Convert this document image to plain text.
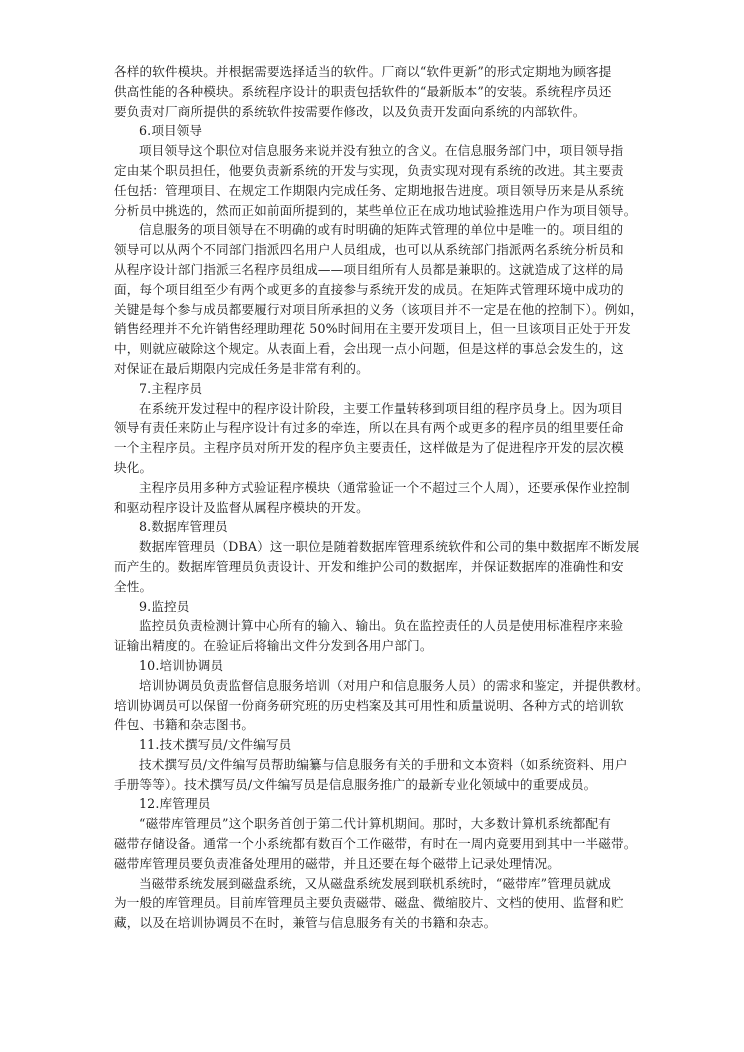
各样的软件模块。并根据需要选择适当的软件。厂商以“软件更新”的形式定期地为顾客提
供高性能的各种模块。系统程序设计的职责包括软件的“最新版本”的安装。系统程序员还
要负责对厂商所提供的系统软件按需要作修改，以及负责开发面向系统的内部软件。
6.项目领导
项目领导这个职位对信息服务来说并没有独立的含义。在信息服务部门中，项目领导指
定由某个职员担任，他要负责新系统的开发与实现，负责实现对现有系统的改进。其主要责
任包括：管理项目、在规定工作期限内完成任务、定期地报告进度。项目领导历来是从系统
分析员中挑选的，然而正如前面所提到的，某些单位正在成功地试验推选用户作为项目领导。
信息服务的项目领导在不明确的或有时明确的矩阵式管理的单位中是唯一的。项目组的
领导可以从两个不同部门指派四名用户人员组成，也可以从系统部门指派两名系统分析员和
从程序设计部门指派三名程序员组成——项目组所有人员都是兼职的。这就造成了这样的局
面，每个项目组至少有两个或更多的直接参与系统开发的成员。在矩阵式管理环境中成功的
关键是每个参与成员都要履行对项目所承担的义务（该项目并不一定是在他的控制下）。例如，
销售经理并不允许销售经理助理花 50%时间用在主要开发项目上，但一旦该项目正处于开发
中，则就应破除这个规定。从表面上看，会出现一点小问题，但是这样的事总会发生的，这
对保证在最后期限内完成任务是非常有利的。
7.主程序员
在系统开发过程中的程序设计阶段，主要工作量转移到项目组的程序员身上。因为项目
领导有责任来防止与程序设计有过多的牵连，所以在具有两个或更多的程序员的组里要任命
一个主程序员。主程序员对所开发的程序负主要责任，这样做是为了促进程序开发的层次模
块化。
主程序员用多种方式验证程序模块（通常验证一个不超过三个人周），还要承保作业控制
和驱动程序设计及监督从属程序模块的开发。
8.数据库管理员
数据库管理员（DBA）这一职位是随着数据库管理系统软件和公司的集中数据库不断发展
而产生的。数据库管理员负责设计、开发和维护公司的数据库，并保证数据库的准确性和安
全性。
9.监控员
监控员负责检测计算中心所有的输入、输出。负在监控责任的人员是使用标准程序来验
证输出精度的。在验证后将输出文件分发到各用户部门。
10.培训协调员
培训协调员负责监督信息服务培训（对用户和信息服务人员）的需求和鉴定，并提供教材。
培训协调员可以保留一份商务研究班的历史档案及其可用性和质量说明、各种方式的培训软
件包、书籍和杂志图书。
11.技术撰写员/文件编写员
技术撰写员/文件编写员帮助编纂与信息服务有关的手册和文本资料（如系统资料、用户
手册等等）。技术撰写员/文件编写员是信息服务推广的最新专业化领域中的重要成员。
12.库管理员
“磁带库管理员”这个职务首创于第二代计算机期间。那时，大多数计算机系统都配有
磁带存储设备。通常一个小系统都有数百个工作磁带，有时在一周内竟要用到其中一半磁带。
磁带库管理员要负责准备处理用的磁带，并且还要在每个磁带上记录处理情况。
当磁带系统发展到磁盘系统，又从磁盘系统发展到联机系统时，“磁带库”管理员就成
为一般的库管理员。目前库管理员主要负责磁带、磁盘、微缩胶片、文档的使用、监督和贮
藏，以及在培训协调员不在时，兼管与信息服务有关的书籍和杂志。
